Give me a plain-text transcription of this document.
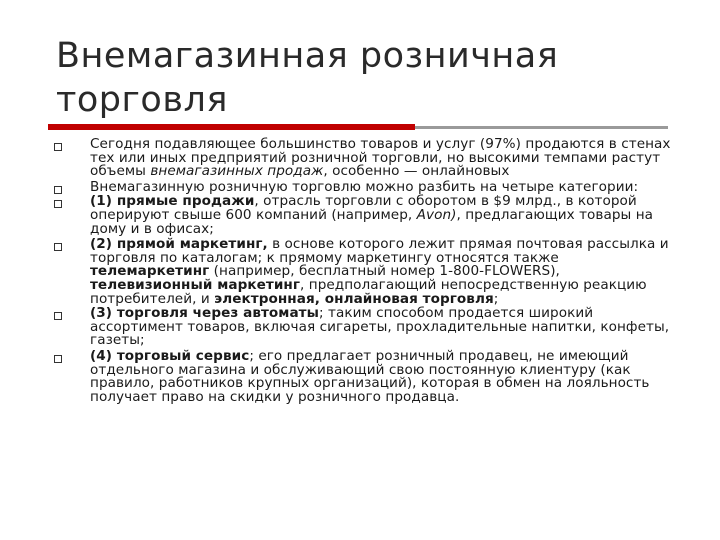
Внемагазинная розничная
торговля
Сегодня подавляющее большинство товаров и услуг (97%) продаются в стенах тех или иных предприятий розничной торговли, но высокими темпами растут объемы внемагазинных продаж, особенно — онлайновых
Внемагазинную розничную торговлю можно разбить на четыре категории:
(1) прямые продажи, отрасль торговли с оборотом в $9 млрд., в которой оперируют свыше 600 компаний (например, Avon), предлагающих товары на дому и в офисах;
(2) прямой маркетинг, в основе которого лежит прямая почтовая рассылка и торговля по каталогам; к прямому маркетингу относятся также телемаркетинг (например, бесплатный номер 1-800-FLOWERS), телевизионный маркетинг, предполагающий непосредственную реакцию потребителей, и электронная, онлайновая торговля;
(3) торговля через автоматы; таким способом продается широкий ассортимент товаров, включая сигареты, прохладительные напитки, конфеты, газеты;
(4) торговый сервис; его предлагает розничный продавец, не имеющий отдельного магазина и обслуживающий свою постоянную клиентуру (как правило, работников крупных организаций), которая в обмен на лояльность получает право на скидки у розничного продавца.
